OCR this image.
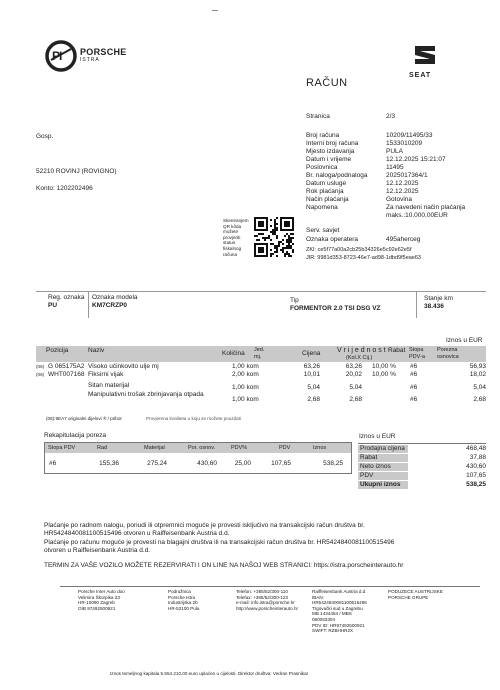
PI PORSCHE
ISTRA
SEAT
RAČUN
Stranica	2/3
Gosp.
52210 ROVINJ (ROVIGNO)
Konto: 1202202496
Broj računa	10209/11495/33
Interni broj računa	1533010209
Mjesto izdavanja	PULA
Datum i vrijeme	12.12.2025 15:21:07
Poslovnica	11495
Br. naloga/podnaloga	2025017364/1
Datum usluge	12.12.2025
Rok plaćanja	12.12.2025
Način plaćanja	Gotovina
Napomena	Za navedeni način plaćanja
maks.:10.000,00EUR
Skeniranjem QR kôda možete provjeriti status fiskalnog računa
Serv. savjet
Oznaka operatera	495aherceg
ZKI: ce5f77a00a2cb25b34326e5c92e62e5f
JIR: 9981d353-8723-46e7-ad98-1dbd9f5eae63
Reg. oznaka
PU
Oznaka modela
KM7CRZP0
Tip
FORMENTOR 2.0 TSI DSG VZ
Stanje km
38.436
Iznos u EUR
Pozicija	Naziv	Količina Jed. mj.	Cijena V r i j e d n o s t
(Kol.X Cij.)
Rabat Stopa PDV-a
Porezna osnovica
(06) G 065175A2 Visoko učinkovito ulje mj	1,00 kom	63,26	63,26 10,00 % #6	56,93
(06) WHT007168 Fiksirni vijak	2,00 kom	10,01	20,02 10,00 % #6	18,02
Sitan materijal	1,00 kom	5,04	5,04	#6	5,04
Manipulativni trošak zbrinjavanja otpada
1,00 kom	2,68	2,68	#6	2,68
(06):9EA7 originalni dijelovi ® / pribor	Provjerena kvaliteta u koju se možete pouzdati
Rekapitulacija poreza
Stopa PDV	Rad	Materijal	Por. osnov.	PDV%	PDV	Iznos
#6	155,36	275,24	430,60	25,00	107,65	538,25
Iznos u EUR
Prodajna cijena	468,48
Rabat	37,88
Neto iznos	430,60
PDV	107,65
Ukupni iznos	538,25
Plaćanje po radnom nalogu, ponudi ili otpremnici moguće je provesti isključivo na transakcijski račun društva br.
HR5424840081100515496 otvoren u Raiffeisenbank Austria d.d.
Plaćanje po računu moguće je provesti na blagajni društva ili na transakcijski račun društva br. HR5424840081100515496
otvoren u Raiffeisenbank Austria d.d.
TERMIN ZA VAŠE VOZILO MOŽETE REZERVIRATI I ON LINE NA NAŠOJ WEB STRANICI: https://istra.porscheinterauto.hr
Porsche Inter Auto doo
Velimira Škorpika 23
HR-10090 Zagreb
OIB 97492500921
Podružnica
Porsche Istra
Industrijska 2b
HR-52100 Pula
Telefon: +385/52/300-110
Telefax: +385/52/300-123
e-mail: info.istra@porsche.hr
http://www.porscheinterauto.hr
Raiffeisenbank Austria d.d
IBAN:
HR5424840081100515496
Trgovački sud u Zagrebu
MB 1434454 / MBS
080083304
PDV ID: HR97492500921
SWIFT: RZBHHR2X
PODUZEĆE AUSTRIJSKE
PORSCHE GRUPE
Iznos temeljnog kapitala 5.554.210,00 euro uplaćen u cijelosti. Direktor društva: Vedran Prasnikar
